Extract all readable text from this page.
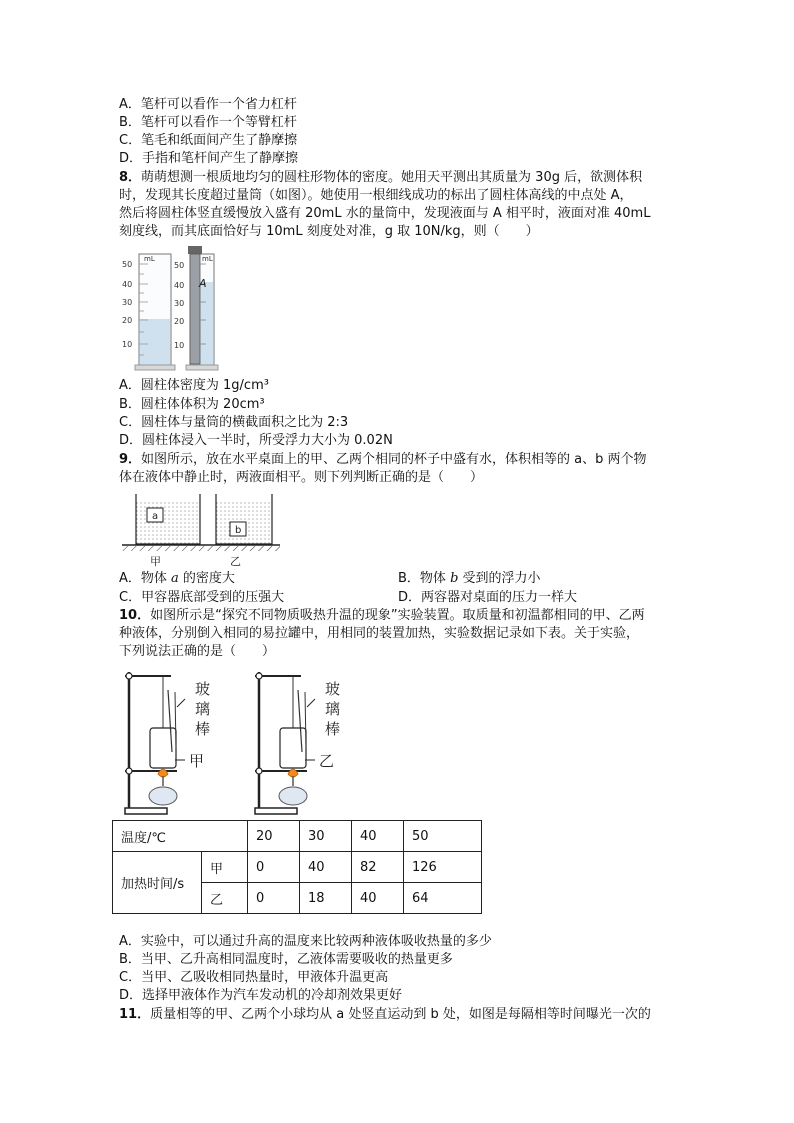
A．笔杆可以看作一个省力杠杆
B．笔杆可以看作一个等臂杠杆
C．笔毛和纸面间产生了静摩擦
D．手指和笔杆间产生了静摩擦
8．萌萌想测一根质地均匀的圆柱形物体的密度。她用天平测出其质量为 30g 后，欲测体积
时，发现其长度超过量筒（如图）。她使用一根细线成功的标出了圆柱体高线的中点处 A，
然后将圆柱体竖直缓慢放入盛有 20mL 水的量筒中，发现液面与 A 相平时，液面对准 40mL
刻度线，而其底面恰好与 10mL 刻度处对准，g 取 10N/kg，则（　　）
mL
50
40
30
20
10
mL
50
40
30
20
10
A
A．圆柱体密度为 1g/cm³
B．圆柱体体积为 20cm³
C．圆柱体与量筒的横截面积之比为 2:3
D．圆柱体浸入一半时，所受浮力大小为 0.02N
9．如图所示，放在水平桌面上的甲、乙两个相同的杯子中盛有水，体积相等的 a、b 两个物
体在液体中静止时，两液面相平。则下列判断正确的是（　　）
a
b
甲	乙
A．物体 a 的密度大	B．物体 b 受到的浮力小
C．甲容器底部受到的压强大	D．两容器对桌面的压力一样大
10．如图所示是“探究不同物质吸热升温的现象”实验装置。取质量和初温都相同的甲、乙两
种液体，分别倒入相同的易拉罐中，用相同的装置加热，实验数据记录如下表。关于实验，
下列说法正确的是（　　）
玻
璃
棒
甲
玻
璃
棒
乙
温度/℃		20	30	40	50
加热时间/s	甲	0	40	82	126
	乙	0	18	40	64
A．实验中，可以通过升高的温度来比较两种液体吸收热量的多少
B．当甲、乙升高相同温度时，乙液体需要吸收的热量更多
C．当甲、乙吸收相同热量时，甲液体升温更高
D．选择甲液体作为汽车发动机的冷却剂效果更好
11．质量相等的甲、乙两个小球均从 a 处竖直运动到 b 处，如图是每隔相等时间曝光一次的
